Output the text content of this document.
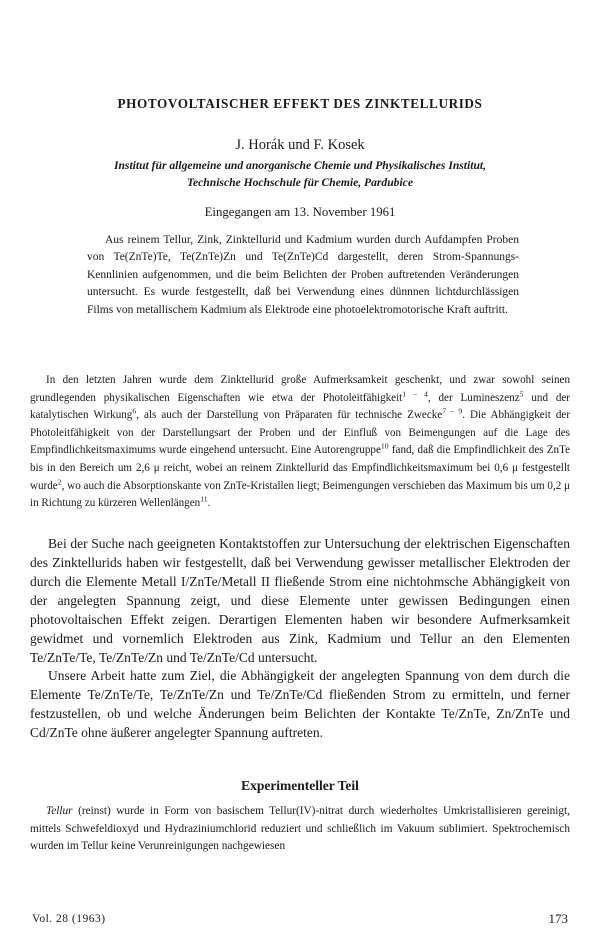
PHOTOVOLTAISCHER EFFEKT DES ZINKTELLURIDS
J. Horák und F. Kosek
Institut für allgemeine und anorganische Chemie und Physikalisches Institut,
Technische Hochschule für Chemie, Pardubice
Eingegangen am 13. November 1961

Aus reinem Tellur, Zink, Zinktellurid und Kadmium wurden durch Aufdampfen Proben von Te(ZnTe)Te, Te(ZnTe)Zn und Te(ZnTe)Cd dargestellt, deren Strom-Spannungs-Kennlinien aufgenommen, und die beim Belichten der Proben auftretenden Veränderungen untersucht. Es wurde festgestellt, daß bei Verwendung eines dünnnen lichtdurchlässigen Films von metallischem Kadmium als Elektrode eine photoelektromotorische Kraft auftritt.

In den letzten Jahren wurde dem Zinktellurid große Aufmerksamkeit geschenkt, und zwar sowohl seinen grundlegenden physikalischen Eigenschaften wie etwa der Photoleitfähigkeit$^{1 - 4}$, der Lumineszenz$^5$ und der katalytischen Wirkung$^6$, als auch der Darstellung von Präparaten für technische Zwecke$^{7 - 9}$. Die Abhängigkeit der Photoleitfähigkeit von der Darstellungsart der Proben und der Einfluß von Beimengungen auf die Lage des Empfindlichkeitsmaximums wurde eingehend untersucht. Eine Autorengruppe$^{10}$ fand, daß die Empfindlichkeit des ZnTe bis in den Bereich um 2,6 μ reicht, wobei an reinem Zinktellurid das Empfindlichkeitsmaximum bei 0,6 μ festgestellt wurde$^2$, wo auch die Absorptionskante von ZnTe-Kristallen liegt; Beimengungen verschieben das Maximum bis um 0,2 μ in Richtung zu kürzeren Wellenlängen$^{11}$.

Bei der Suche nach geeigneten Kontaktstoffen zur Untersuchung der elektrischen Eigenschaften des Zinktellurids haben wir festgestellt, daß bei Verwendung gewisser metallischer Elektroden der durch die Elemente Metall I/ZnTe/Metall II fließende Strom eine nichtohmsche Abhängigkeit von der angelegten Spannung zeigt, und diese Elemente unter gewissen Bedingungen einen photovoltaischen Effekt zeigen. Derartigen Elementen haben wir besondere Aufmerksamkeit gewidmet und vornemlich Elektroden aus Zink, Kadmium und Tellur an den Elementen Te/ZnTe/Te, Te/ZnTe/Zn und Te/ZnTe/Cd untersucht.

Unsere Arbeit hatte zum Ziel, die Abhängigkeit der angelegten Spannung von dem durch die Elemente Te/ZnTe/Te, Te/ZnTe/Zn und Te/ZnTe/Cd fließenden Strom zu ermitteln, und ferner festzustellen, ob und welche Änderungen beim Belichten der Kontakte Te/ZnTe, Zn/ZnTe und Cd/ZnTe ohne äußerer angelegter Spannung auftreten.

Experimenteller Teil

Tellur (reinst) wurde in Form von basischem Tellur(IV)-nitrat durch wiederholtes Umkristallisieren gereinigt, mittels Schwefeldioxyd und Hydraziniumchlorid reduziert und schließlich im Vakuum sublimiert. Spektrochemisch wurden im Tellur keine Verunreinigungen nachgewiesen

Vol. 28 (1963)	173
